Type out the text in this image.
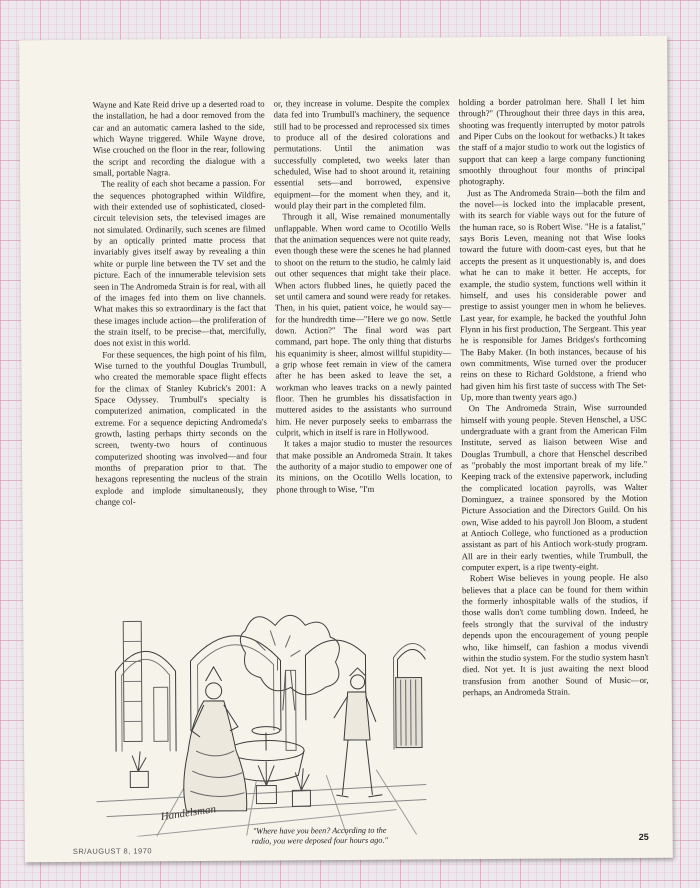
Wayne and Kate Reid drive up a deserted road to the installation, he had a door removed from the car and an automatic camera lashed to the side, which Wayne triggered. While Wayne drove, Wise crouched on the floor in the rear, following the script and recording the dialogue with a small, portable Nagra.

The reality of each shot became a passion. For the sequences photographed within Wildfire, with their extended use of sophisticated, closed-circuit television sets, the televised images are not simulated. Ordinarily, such scenes are filmed by an optically printed matte process that invariably gives itself away by revealing a thin white or purple line between the TV set and the picture. Each of the innumerable television sets seen in The Andromeda Strain is for real, with all of the images fed into them on live channels. What makes this so extraordinary is the fact that these images include action—the proliferation of the strain itself, to be precise—that, mercifully, does not exist in this world.

For these sequences, the high point of his film, Wise turned to the youthful Douglas Trumbull, who created the memorable space flight effects for the climax of Stanley Kubrick's 2001: A Space Odyssey. Trumbull's specialty is computerized animation, complicated in the extreme. For a sequence depicting Andromeda's growth, lasting perhaps thirty seconds on the screen, twenty-two hours of continuous computerized shooting was involved—and four months of preparation prior to that. The hexagons representing the nucleus of the strain explode and implode simultaneously, they change col-

or, they increase in volume. Despite the complex data fed into Trumbull's machinery, the sequence still had to be processed and reprocessed six times to produce all of the desired colorations and permutations. Until the animation was successfully completed, two weeks later than scheduled, Wise had to shoot around it, retaining essential sets—and borrowed, expensive equipment—for the moment when they, and it, would play their part in the completed film.

Through it all, Wise remained monumentally unflappable. When word came to Ocotillo Wells that the animation sequences were not quite ready, even though these were the scenes he had planned to shoot on the return to the studio, he calmly laid out other sequences that might take their place. When actors flubbed lines, he quietly paced the set until camera and sound were ready for retakes. Then, in his quiet, patient voice, he would say—for the hundredth time—"Here we go now. Settle down. Action?" The final word was part command, part hope. The only thing that disturbs his equanimity is sheer, almost willful stupidity—a grip whose feet remain in view of the camera after he has been asked to leave the set, a workman who leaves tracks on a newly painted floor. Then he grumbles his dissatisfaction in muttered asides to the assistants who surround him. He never purposely seeks to embarrass the culprit, which in itself is rare in Hollywood.

It takes a major studio to muster the resources that make possible an Andromeda Strain. It takes the authority of a major studio to empower one of its minions, on the Ocotillo Wells location, to phone through to Wise, "I'm

holding a border patrolman here. Shall I let him through?" (Throughout their three days in this area, shooting was frequently interrupted by motor patrols and Piper Cubs on the lookout for wetbacks.) It takes the staff of a major studio to work out the logistics of support that can keep a large company functioning smoothly throughout four months of principal photography.

Just as The Andromeda Strain—both the film and the novel—is locked into the implacable present, with its search for viable ways out for the future of the human race, so is Robert Wise. "He is a fatalist," says Boris Leven, meaning not that Wise looks toward the future with doom-cast eyes, but that he accepts the present as it unquestionably is, and does what he can to make it better. He accepts, for example, the studio system, functions well within it himself, and uses his considerable power and prestige to assist younger men in whom he believes. Last year, for example, he backed the youthful John Flynn in his first production, The Sergeant. This year he is responsible for James Bridges's forthcoming The Baby Maker. (In both instances, because of his own commitments, Wise turned over the producer reins on these to Richard Goldstone, a friend who had given him his first taste of success with The Set-Up, more than twenty years ago.)

On The Andromeda Strain, Wise surrounded himself with young people. Steven Henschel, a USC undergraduate with a grant from the American Film Institute, served as liaison between Wise and Douglas Trumbull, a chore that Henschel described as "probably the most important break of my life." Keeping track of the extensive paperwork, including the complicated location payrolls, was Walter Dominguez, a trainee sponsored by the Motion Picture Association and the Directors Guild. On his own, Wise added to his payroll Jon Bloom, a student at Antioch College, who functioned as a production assistant as part of his Antioch work-study program. All are in their early twenties, while Trumbull, the computer expert, is a ripe twenty-eight.

Robert Wise believes in young people. He also believes that a place can be found for them within the formerly inhospitable walls of the studios, if those walls don't come tumbling down. Indeed, he feels strongly that the survival of the industry depends upon the encouragement of young people who, like himself, can fashion a modus vivendi within the studio system. For the studio system hasn't died. Not yet. It is just awaiting the next blood transfusion from another Sound of Music—or, perhaps, an Andromeda Strain.

Handelsman
"Where have you been? According to the
radio, you were deposed four hours ago."
SR/AUGUST 8, 1970
25
